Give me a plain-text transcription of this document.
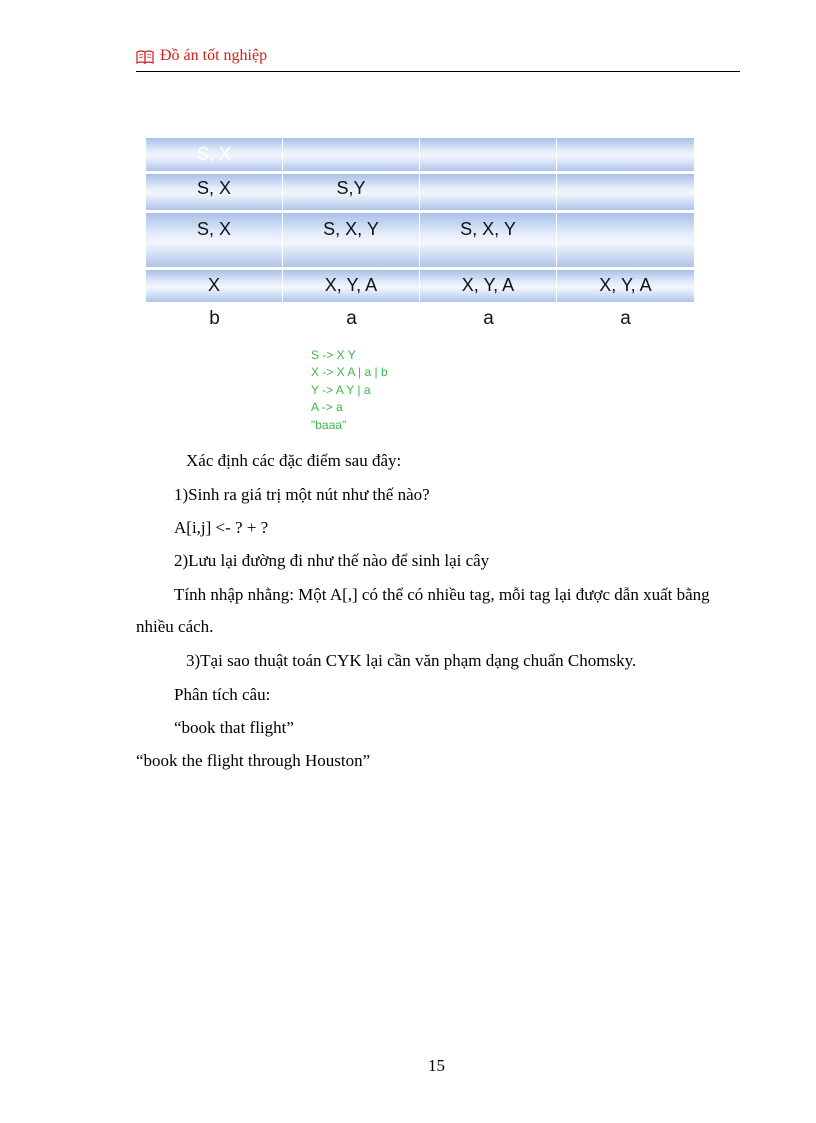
Đồ án tốt nghiệp
S, X
S, X	S,Y
S, X	S, X, Y	S, X, Y
X	X, Y, A	X, Y, A	X, Y, A
b	a	a	a
S -> X Y
X -> X A | a | b
Y -> A Y | a
A -> a
"baaa"
Xác định các đặc điểm sau đây:
1)Sinh ra giá trị một nút như thế nào?
A[i,j] <- ? + ?
2)Lưu lại đường đi như thế nào để sinh lại cây
Tính nhập nhằng: Một A[,] có thể có nhiều tag, mỗi tag lại được dẫn xuất bằng
nhiều cách.
3)Tại sao thuật toán CYK lại cần văn phạm dạng chuẩn Chomsky.
Phân tích câu:
“book that flight”
“book the flight through Houston”
15
